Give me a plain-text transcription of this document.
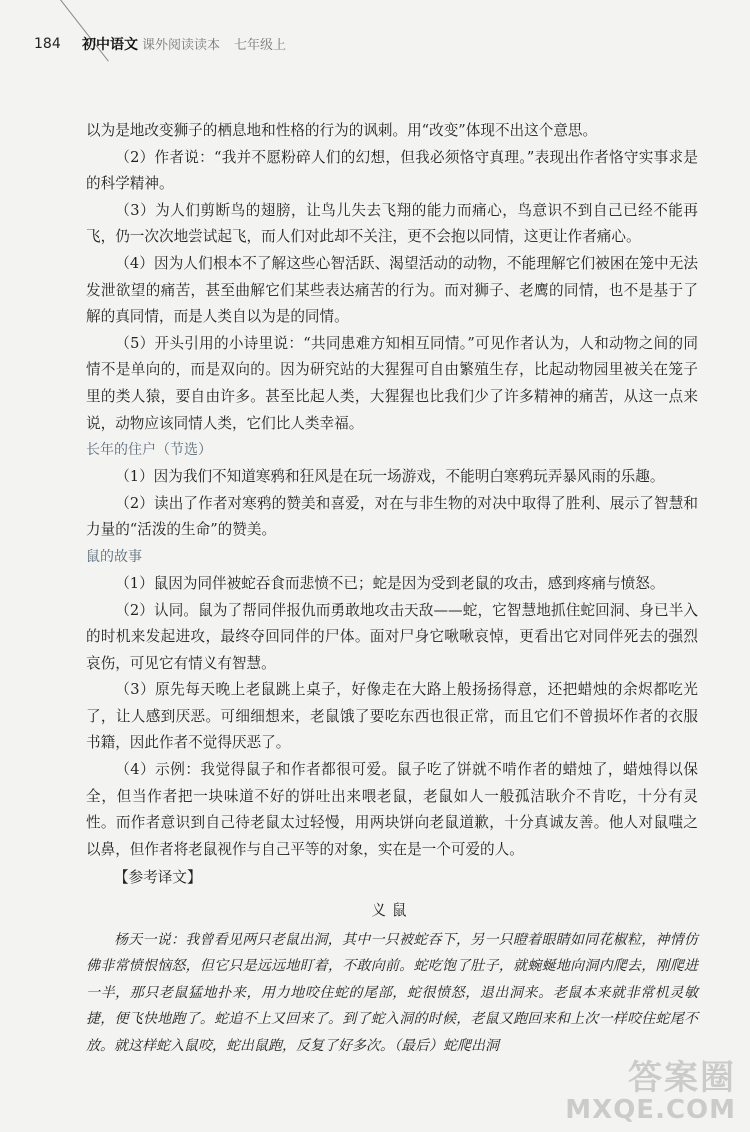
184 初中语文 课外阅读读本 七年级上

以为是地改变狮子的栖息地和性格的行为的讽刺。用“改变”体现不出这个意思。

（2）作者说：“我并不愿粉碎人们的幻想，但我必须恪守真理。”表现出作者恪守实事求是的科学精神。

（3）为人们剪断鸟的翅膀，让鸟儿失去飞翔的能力而痛心，鸟意识不到自己已经不能再飞，仍一次次地尝试起飞，而人们对此却不关注，更不会抱以同情，这更让作者痛心。

（4）因为人们根本不了解这些心智活跃、渴望活动的动物，不能理解它们被困在笼中无法发泄欲望的痛苦，甚至曲解它们某些表达痛苦的行为。而对狮子、老鹰的同情，也不是基于了解的真同情，而是人类自以为是的同情。

（5）开头引用的小诗里说：“共同患难方知相互同情。”可见作者认为，人和动物之间的同情不是单向的，而是双向的。因为研究站的大猩猩可自由繁殖生存，比起动物园里被关在笼子里的类人猿，要自由许多。甚至比起人类，大猩猩也比我们少了许多精神的痛苦，从这一点来说，动物应该同情人类，它们比人类幸福。

长年的住户（节选）

（1）因为我们不知道寒鸦和狂风是在玩一场游戏，不能明白寒鸦玩弄暴风雨的乐趣。

（2）读出了作者对寒鸦的赞美和喜爱，对在与非生物的对决中取得了胜利、展示了智慧和力量的“活泼的生命”的赞美。

鼠的故事

（1）鼠因为同伴被蛇吞食而悲愤不已；蛇是因为受到老鼠的攻击，感到疼痛与愤怒。

（2）认同。鼠为了帮同伴报仇而勇敢地攻击天敌——蛇，它智慧地抓住蛇回洞、身已半入的时机来发起进攻，最终夺回同伴的尸体。面对尸身它啾啾哀悼，更看出它对同伴死去的强烈哀伤，可见它有情义有智慧。

（3）原先每天晚上老鼠跳上桌子，好像走在大路上般扬扬得意，还把蜡烛的余烬都吃光了，让人感到厌恶。可细细想来，老鼠饿了要吃东西也很正常，而且它们不曾损坏作者的衣服书籍，因此作者不觉得厌恶了。

（4）示例：我觉得鼠子和作者都很可爱。鼠子吃了饼就不啃作者的蜡烛了，蜡烛得以保全，但当作者把一块味道不好的饼吐出来喂老鼠，老鼠如人一般孤洁耿介不肯吃，十分有灵性。而作者意识到自己待老鼠太过轻慢，用两块饼向老鼠道歉，十分真诚友善。他人对鼠嗤之以鼻，但作者将老鼠视作与自己平等的对象，实在是一个可爱的人。

【参考译文】

义鼠

杨天一说：我曾看见两只老鼠出洞，其中一只被蛇吞下，另一只瞪着眼睛如同花椒粒，神情仿佛非常愤恨恼怒，但它只是远远地盯着，不敢向前。蛇吃饱了肚子，就蜿蜒地向洞内爬去，刚爬进一半，那只老鼠猛地扑来，用力地咬住蛇的尾部，蛇很愤怒，退出洞来。老鼠本来就非常机灵敏捷，便飞快地跑了。蛇追不上又回来了。到了蛇入洞的时候，老鼠又跑回来和上次一样咬住蛇尾不放。就这样蛇入鼠咬，蛇出鼠跑，反复了好多次。（最后）蛇爬出洞

答案圈
MXQE.COM
